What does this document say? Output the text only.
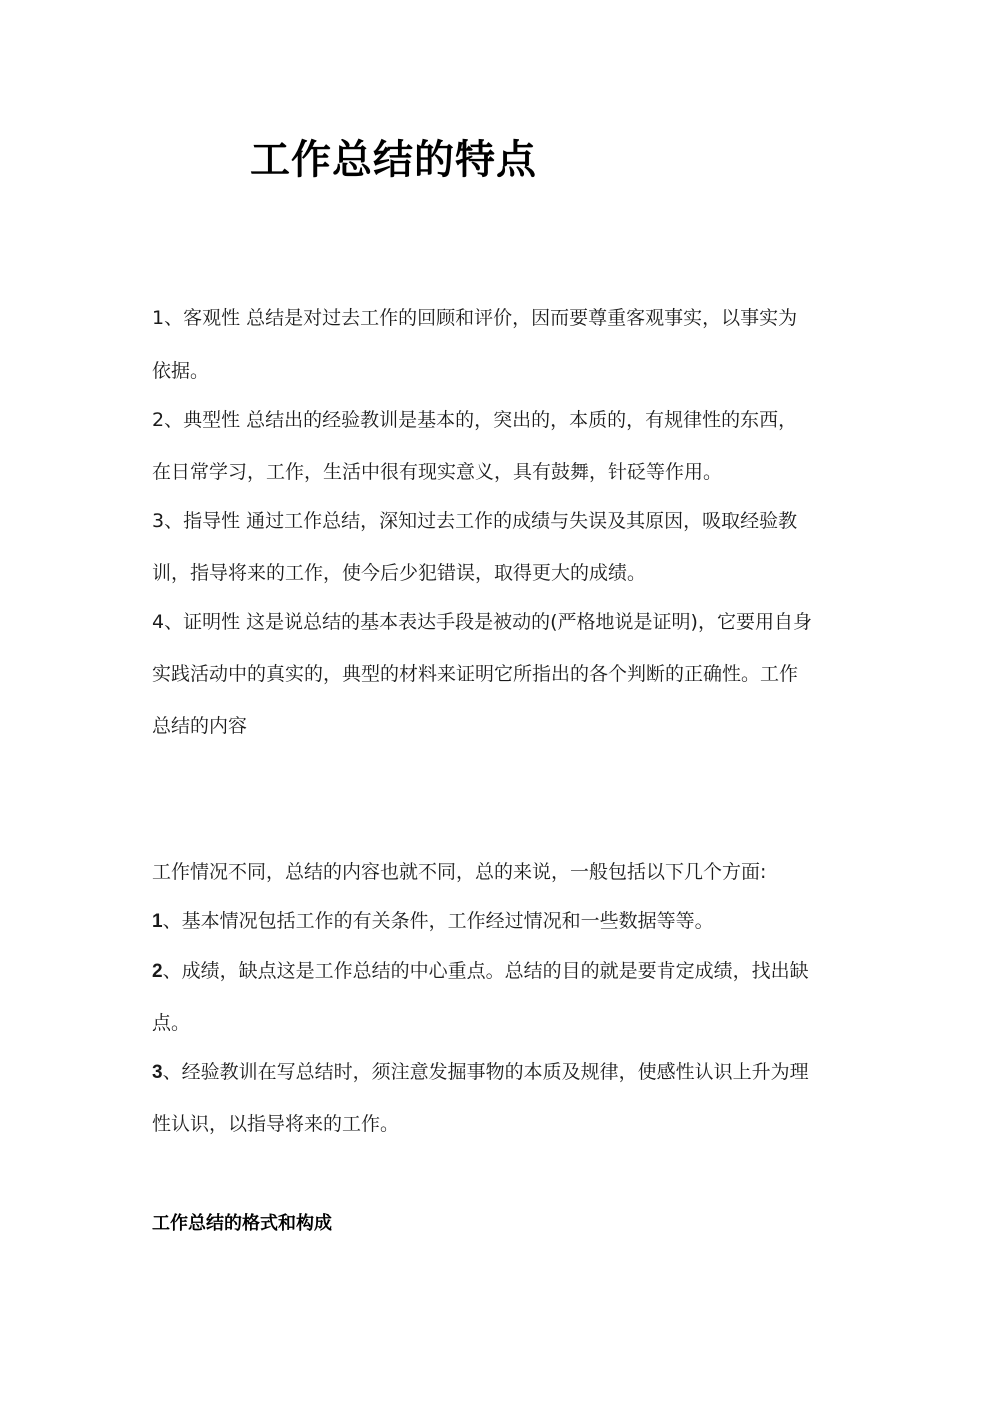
工作总结的特点
1、客观性 总结是对过去工作的回顾和评价，因而要尊重客观事实，以事实为
依据。
2、典型性 总结出的经验教训是基本的，突出的，本质的，有规律性的东西，
在日常学习，工作，生活中很有现实意义，具有鼓舞，针砭等作用。
3、指导性 通过工作总结，深知过去工作的成绩与失误及其原因，吸取经验教
训，指导将来的工作，使今后少犯错误，取得更大的成绩。
4、证明性 这是说总结的基本表达手段是被动的(严格地说是证明)，它要用自身
实践活动中的真实的，典型的材料来证明它所指出的各个判断的正确性。工作
总结的内容
工作情况不同，总结的内容也就不同，总的来说，一般包括以下几个方面:
1、基本情况包括工作的有关条件，工作经过情况和一些数据等等。
2、成绩，缺点这是工作总结的中心重点。总结的目的就是要肯定成绩，找出缺
点。
3、经验教训在写总结时，须注意发掘事物的本质及规律，使感性认识上升为理
性认识，以指导将来的工作。
工作总结的格式和构成
